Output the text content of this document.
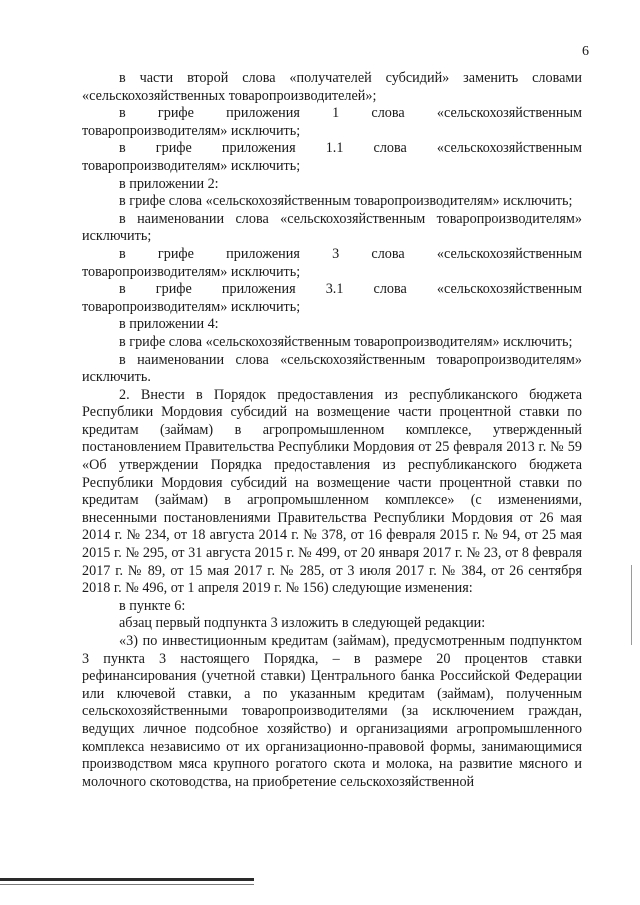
6

в части второй слова «получателей субсидий» заменить словами «сельскохозяйственных товаропроизводителей»;

в грифе приложения 1 слова «сельскохозяйственным товаропроизводителям» исключить;

в грифе приложения 1.1 слова «сельскохозяйственным товаропроизводителям» исключить;

в приложении 2:

в грифе слова «сельскохозяйственным товаропроизводителям» исключить;

в наименовании слова «сельскохозяйственным товаропроизводителям» исключить;

в грифе приложения 3 слова «сельскохозяйственным товаропроизводителям» исключить;

в грифе приложения 3.1 слова «сельскохозяйственным товаропроизводителям» исключить;

в приложении 4:

в грифе слова «сельскохозяйственным товаропроизводителям» исключить;

в наименовании слова «сельскохозяйственным товаропроизводителям» исключить.

2. Внести в Порядок предоставления из республиканского бюджета Республики Мордовия субсидий на возмещение части процентной ставки по кредитам (займам) в агропромышленном комплексе, утвержденный постановлением Правительства Республики Мордовия от 25 февраля 2013 г. № 59 «Об утверждении Порядка предоставления из республиканского бюджета Республики Мордовия субсидий на возмещение части процентной ставки по кредитам (займам) в агропромышленном комплексе» (с изменениями, внесенными постановлениями Правительства Республики Мордовия от 26 мая 2014 г. № 234, от 18 августа 2014 г. № 378, от 16 февраля 2015 г. № 94, от 25 мая 2015 г. № 295, от 31 августа 2015 г. № 499, от 20 января 2017 г. № 23, от 8 февраля 2017 г. № 89, от 15 мая 2017 г. № 285, от 3 июля 2017 г. № 384, от 26 сентября 2018 г. № 496, от 1 апреля 2019 г. № 156) следующие изменения:

в пункте 6:

абзац первый подпункта 3 изложить в следующей редакции:

«3) по инвестиционным кредитам (займам), предусмотренным подпунктом 3 пункта 3 настоящего Порядка, – в размере 20 процентов ставки рефинансирования (учетной ставки) Центрального банка Российской Федерации или ключевой ставки, а по указанным кредитам (займам), полученным сельскохозяйственными товаропроизводителями (за исключением граждан, ведущих личное подсобное хозяйство) и организациями агропромышленного комплекса независимо от их организационно-правовой формы, занимающимися производством мяса крупного рогатого скота и молока, на развитие мясного и молочного скотоводства, на приобретение сельскохозяйственной
